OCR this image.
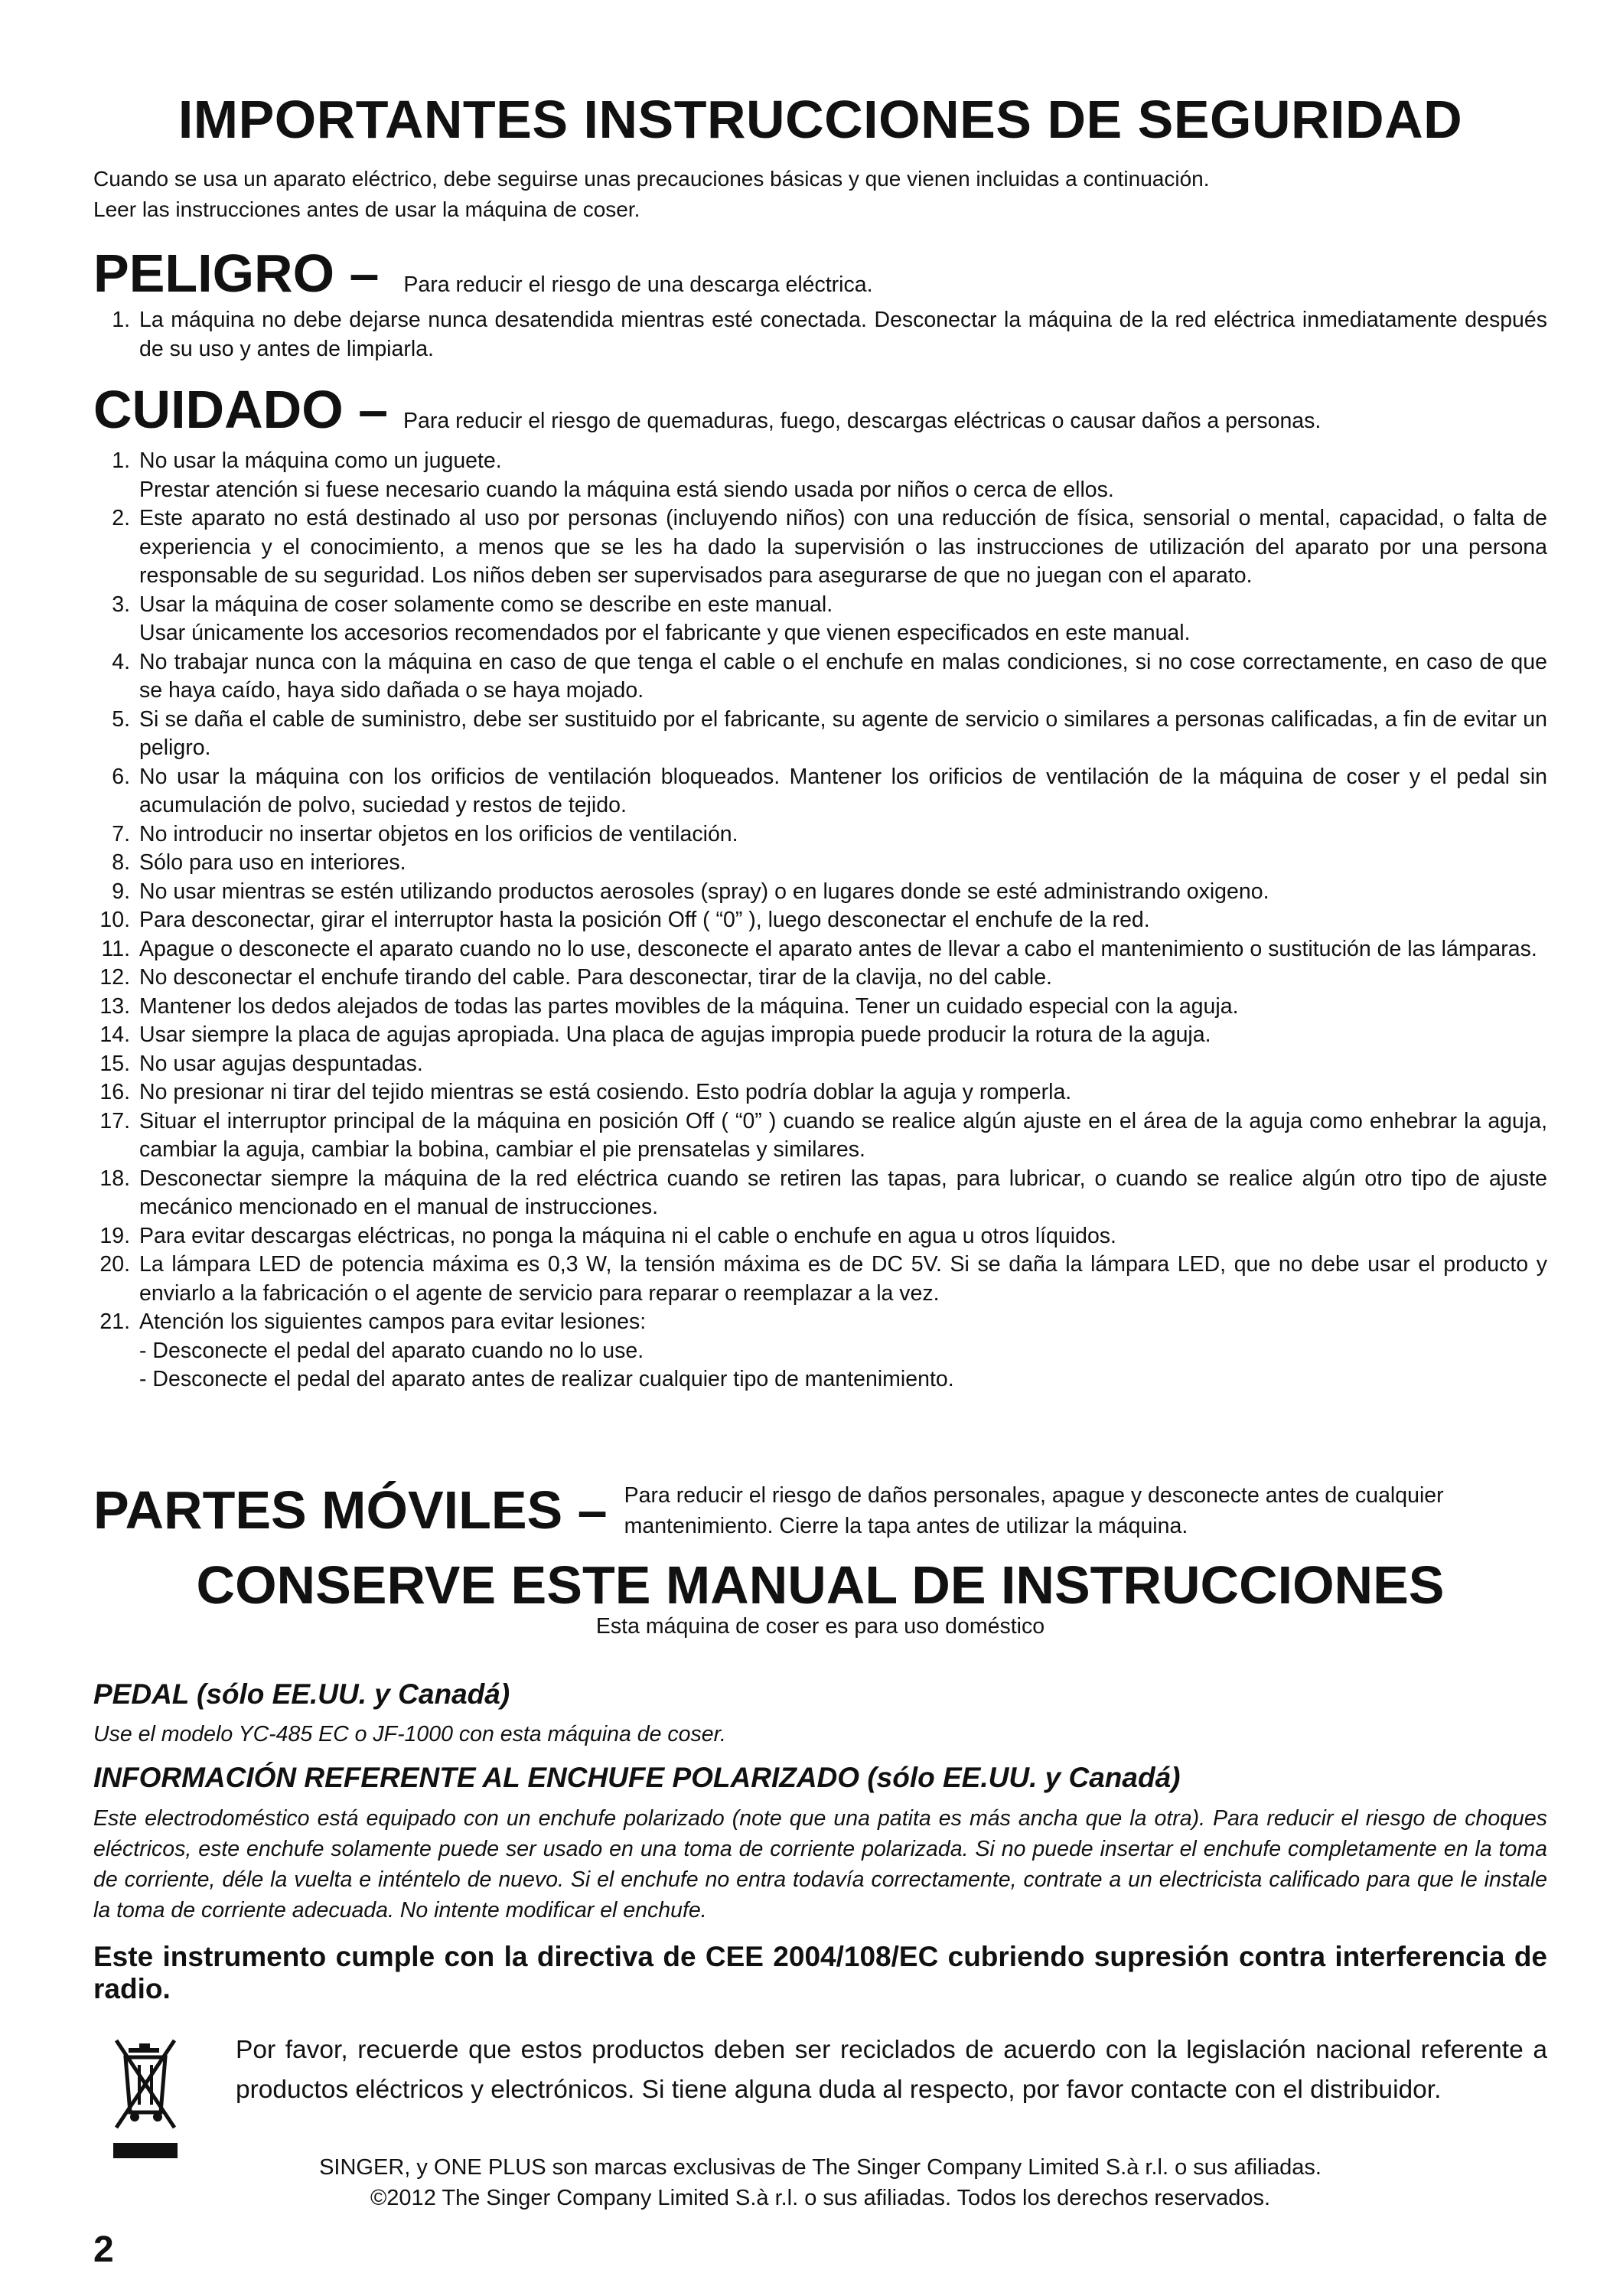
IMPORTANTES INSTRUCCIONES DE SEGURIDAD
Cuando se usa un aparato eléctrico, debe seguirse unas precauciones básicas y que vienen incluidas a continuación.
Leer las instrucciones antes de usar la máquina de coser.
PELIGRO – Para reducir el riesgo de una descarga eléctrica.
1. La máquina no debe dejarse nunca desatendida mientras esté conectada. Desconectar la máquina de la red eléctrica inmediatamente después de su uso y antes de limpiarla.
CUIDADO – Para reducir el riesgo de quemaduras, fuego, descargas eléctricas o causar daños a personas.
1. No usar la máquina como un juguete.
Prestar atención si fuese necesario cuando la máquina está siendo usada por niños o cerca de ellos.
2. Este aparato no está destinado al uso por personas (incluyendo niños) con una reducción de física, sensorial o mental, capacidad, o falta de experiencia y el conocimiento, a menos que se les ha dado la supervisión o las instrucciones de utilización del aparato por una persona responsable de su seguridad. Los niños deben ser supervisados para asegurarse de que no juegan con el aparato.
3. Usar la máquina de coser solamente como se describe en este manual.
Usar únicamente los accesorios recomendados por el fabricante y que vienen especificados en este manual.
4. No trabajar nunca con la máquina en caso de que tenga el cable o el enchufe en malas condiciones, si no cose correctamente, en caso de que se haya caído, haya sido dañada o se haya mojado.
5. Si se daña el cable de suministro, debe ser sustituido por el fabricante, su agente de servicio o similares a personas calificadas, a fin de evitar un peligro.
6. No usar la máquina con los orificios de ventilación bloqueados. Mantener los orificios de ventilación de la máquina de coser y el pedal sin acumulación de polvo, suciedad y restos de tejido.
7. No introducir no insertar objetos en los orificios de ventilación.
8. Sólo para uso en interiores.
9. No usar mientras se estén utilizando productos aerosoles (spray) o en lugares donde se esté administrando oxigeno.
10. Para desconectar, girar el interruptor hasta la posición Off ( “0” ), luego desconectar el enchufe de la red.
11. Apague o desconecte el aparato cuando no lo use, desconecte el aparato antes de llevar a cabo el mantenimiento o sustitución de las lámparas.
12. No desconectar el enchufe tirando del cable. Para desconectar, tirar de la clavija, no del cable.
13. Mantener los dedos alejados de todas las partes movibles de la máquina. Tener un cuidado especial con la aguja.
14. Usar siempre la placa de agujas apropiada. Una placa de agujas impropia puede producir la rotura de la aguja.
15. No usar agujas despuntadas.
16. No presionar ni tirar del tejido mientras se está cosiendo. Esto podría doblar la aguja y romperla.
17. Situar el interruptor principal de la máquina en posición Off ( “0” ) cuando se realice algún ajuste en el área de la aguja como enhebrar la aguja, cambiar la aguja, cambiar la bobina, cambiar el pie prensatelas y similares.
18. Desconectar siempre la máquina de la red eléctrica cuando se retiren las tapas, para lubricar, o cuando se realice algún otro tipo de ajuste mecánico mencionado en el manual de instrucciones.
19. Para evitar descargas eléctricas, no ponga la máquina ni el cable o enchufe en agua u otros líquidos.
20. La lámpara LED de potencia máxima es 0,3 W, la tensión máxima es de DC 5V. Si se daña la lámpara LED, que no debe usar el producto y enviarlo a la fabricación o el agente de servicio para reparar o reemplazar a la vez.
21. Atención los siguientes campos para evitar lesiones:
- Desconecte el pedal del aparato cuando no lo use.
- Desconecte el pedal del aparato antes de realizar cualquier tipo de mantenimiento.
PARTES MÓVILES – Para reducir el riesgo de daños personales, apague y desconecte antes de cualquier mantenimiento. Cierre la tapa antes de utilizar la máquina.
CONSERVE ESTE MANUAL DE INSTRUCCIONES
Esta máquina de coser es para uso doméstico
PEDAL (sólo EE.UU. y Canadá)

Use el modelo YC-485 EC o JF-1000 con esta máquina de coser.

INFORMACIÓN REFERENTE AL ENCHUFE POLARIZADO (sólo EE.UU. y Canadá)

Este electrodoméstico está equipado con un enchufe polarizado (note que una patita es más ancha que la otra). Para reducir el riesgo de choques eléctricos, este enchufe solamente puede ser usado en una toma de corriente polarizada. Si no puede insertar el enchufe completamente en la toma de corriente, déle la vuelta e inténtelo de nuevo. Si el enchufe no entra todavía correctamente, contrate a un electricista calificado para que le instale la toma de corriente adecuada. No intente modificar el enchufe.

Este instrumento cumple con la directiva de CEE 2004/108/EC cubriendo supresión contra interferencia de radio.

Por favor, recuerde que estos productos deben ser reciclados de acuerdo con la legislación nacional referente a productos eléctricos y electrónicos. Si tiene alguna duda al respecto, por favor contacte con el distribuidor.

SINGER, y ONE PLUS son marcas exclusivas de The Singer Company Limited S.à r.l. o sus afiliadas.

©2012 The Singer Company Limited S.à r.l. o sus afiliadas. Todos los derechos reservados.

2
